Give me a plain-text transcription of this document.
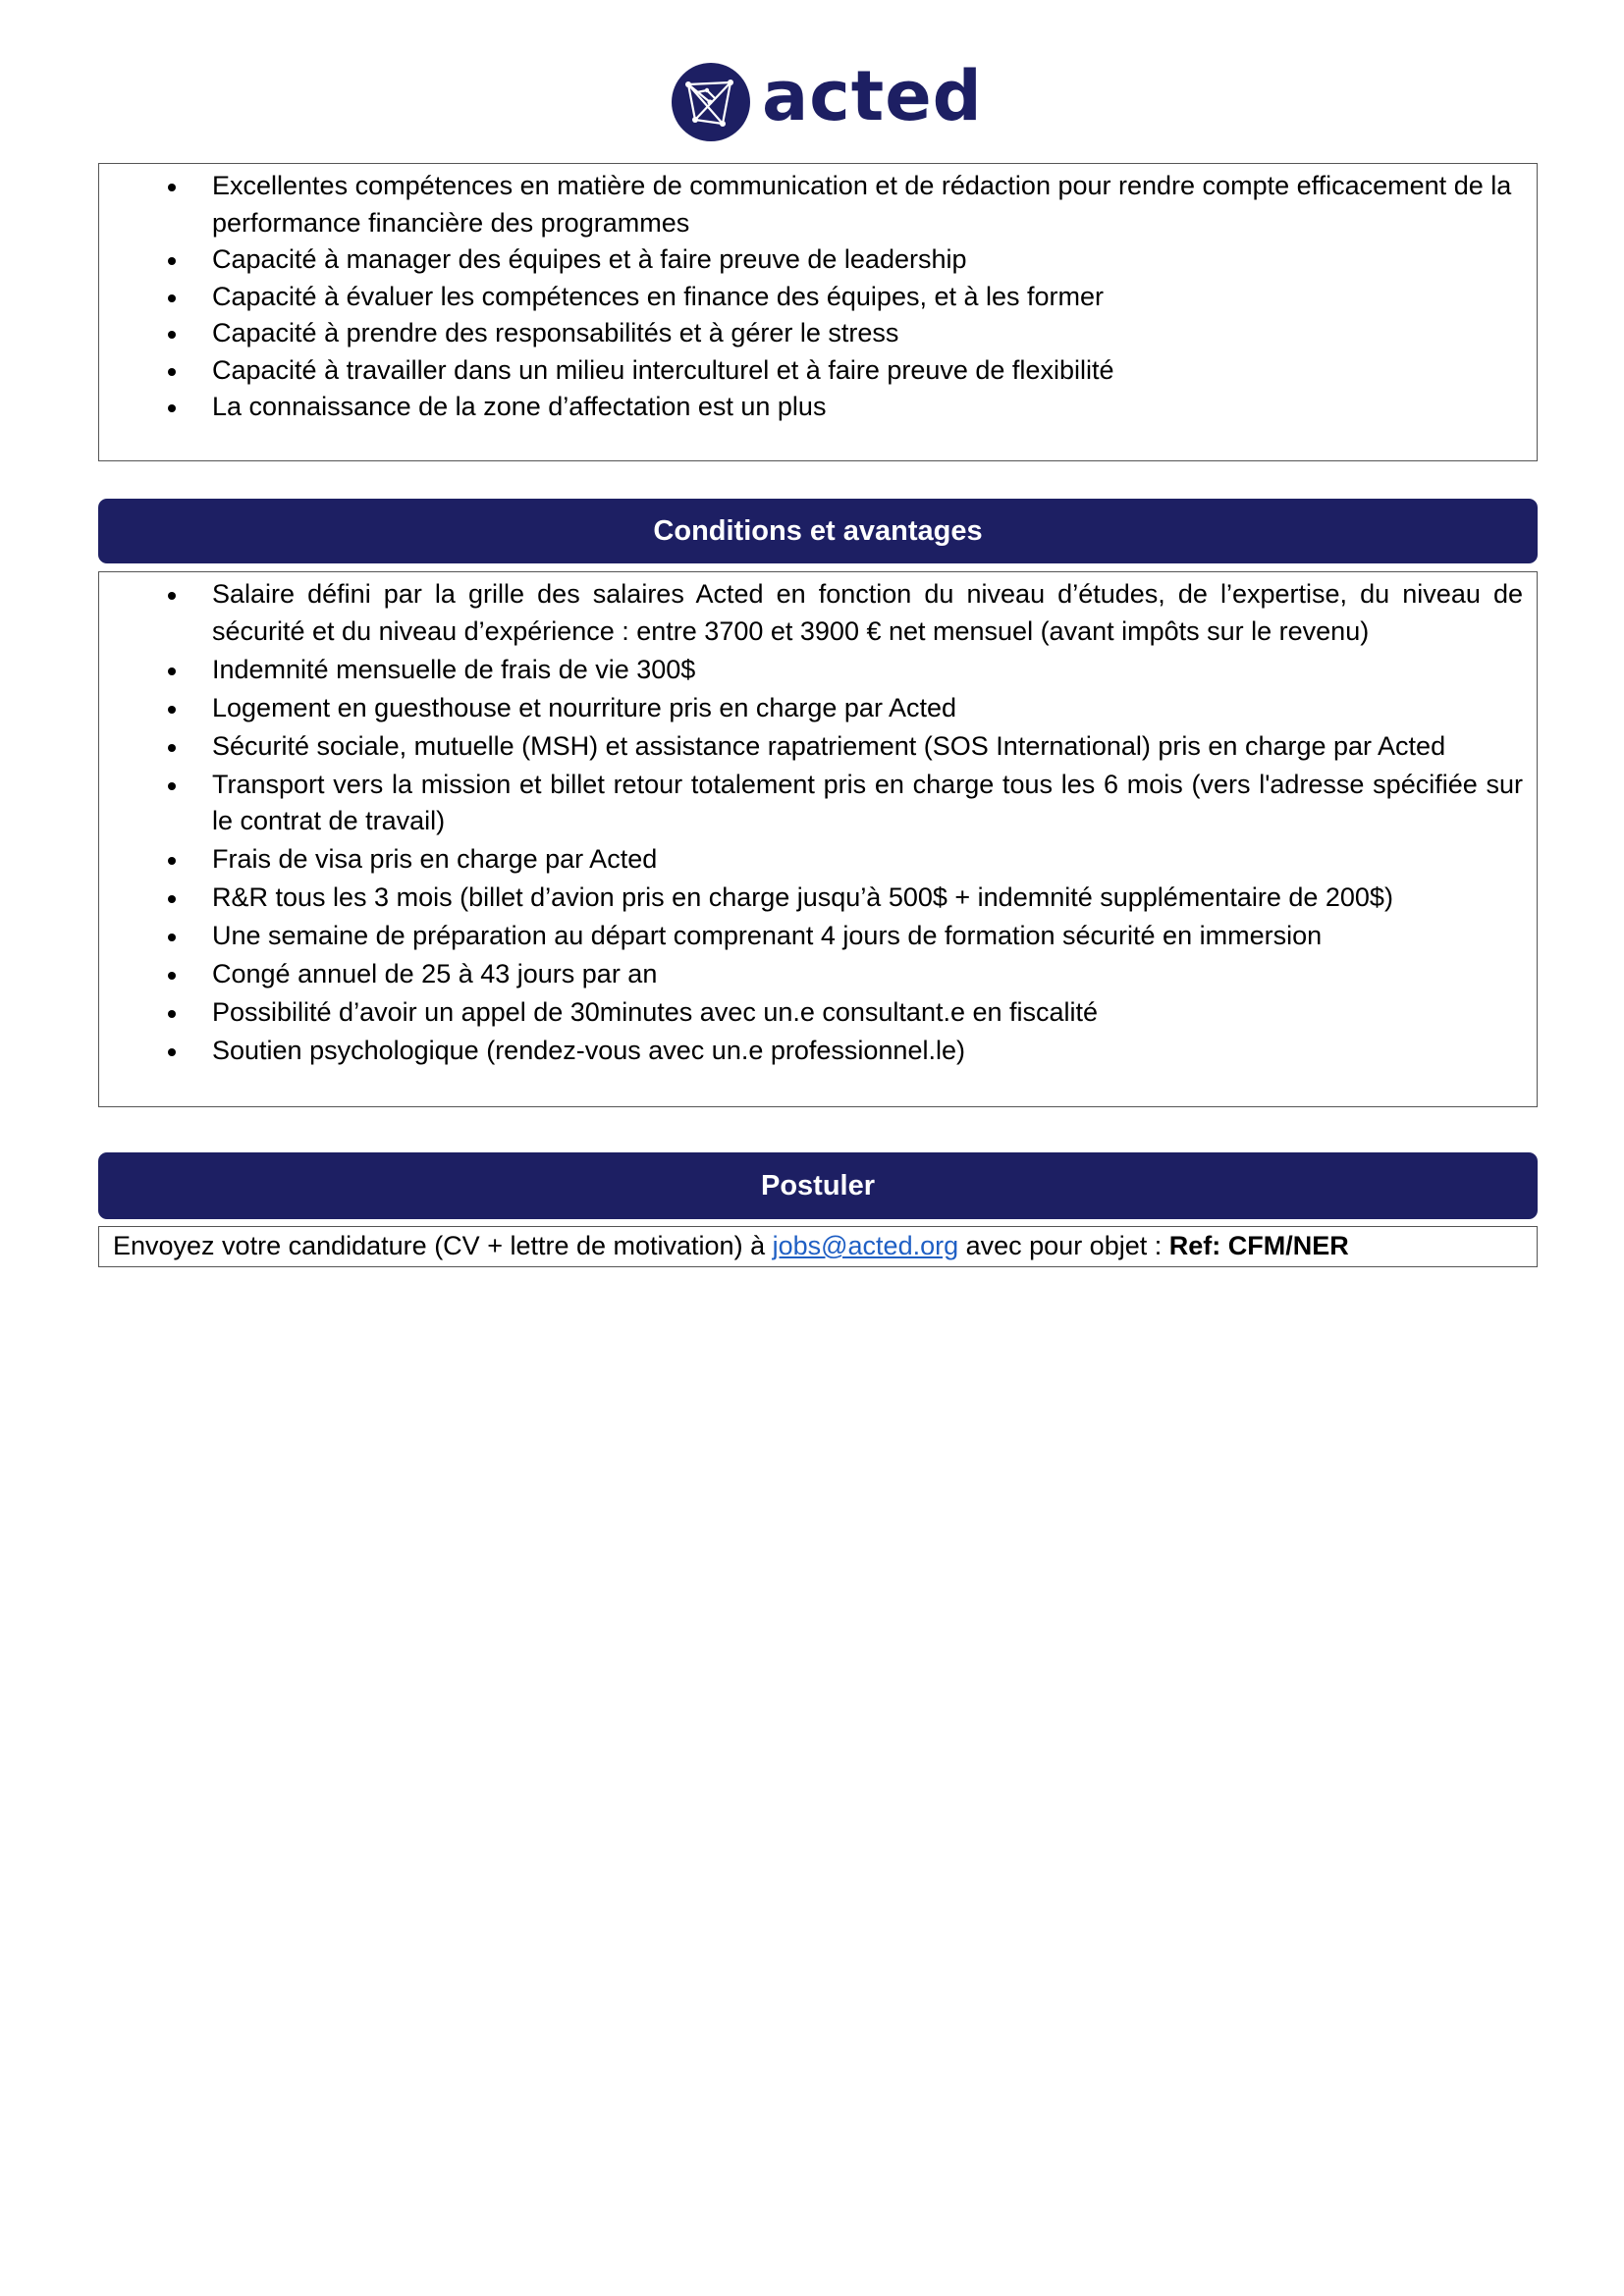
acted
Excellentes compétences en matière de communication et de rédaction pour rendre compte efficacement de la performance financière des programmes
Capacité à manager des équipes et à faire preuve de leadership
Capacité à évaluer les compétences en finance des équipes, et à les former
Capacité à prendre des responsabilités et à gérer le stress
Capacité à travailler dans un milieu interculturel et à faire preuve de flexibilité
La connaissance de la zone d’affectation est un plus
Conditions et avantages
Salaire défini par la grille des salaires Acted en fonction du niveau d’études, de l’expertise, du niveau de sécurité et du niveau d’expérience : entre 3700 et 3900 € net mensuel (avant impôts sur le revenu)
Indemnité mensuelle de frais de vie 300$
Logement en guesthouse et nourriture pris en charge par Acted
Sécurité sociale, mutuelle (MSH) et assistance rapatriement (SOS International) pris en charge par Acted
Transport vers la mission et billet retour totalement pris en charge tous les 6 mois (vers l'adresse spécifiée sur le contrat de travail)
Frais de visa pris en charge par Acted
R&R tous les 3 mois (billet d’avion pris en charge jusqu’à 500$ + indemnité supplémentaire de 200$)
Une semaine de préparation au départ comprenant 4 jours de formation sécurité en immersion
Congé annuel de 25 à 43 jours par an
Possibilité d’avoir un appel de 30minutes avec un.e consultant.e en fiscalité
Soutien psychologique (rendez-vous avec un.e professionnel.le)
Postuler
Envoyez votre candidature (CV + lettre de motivation) à jobs@acted.org avec pour objet : Ref: CFM/NER
